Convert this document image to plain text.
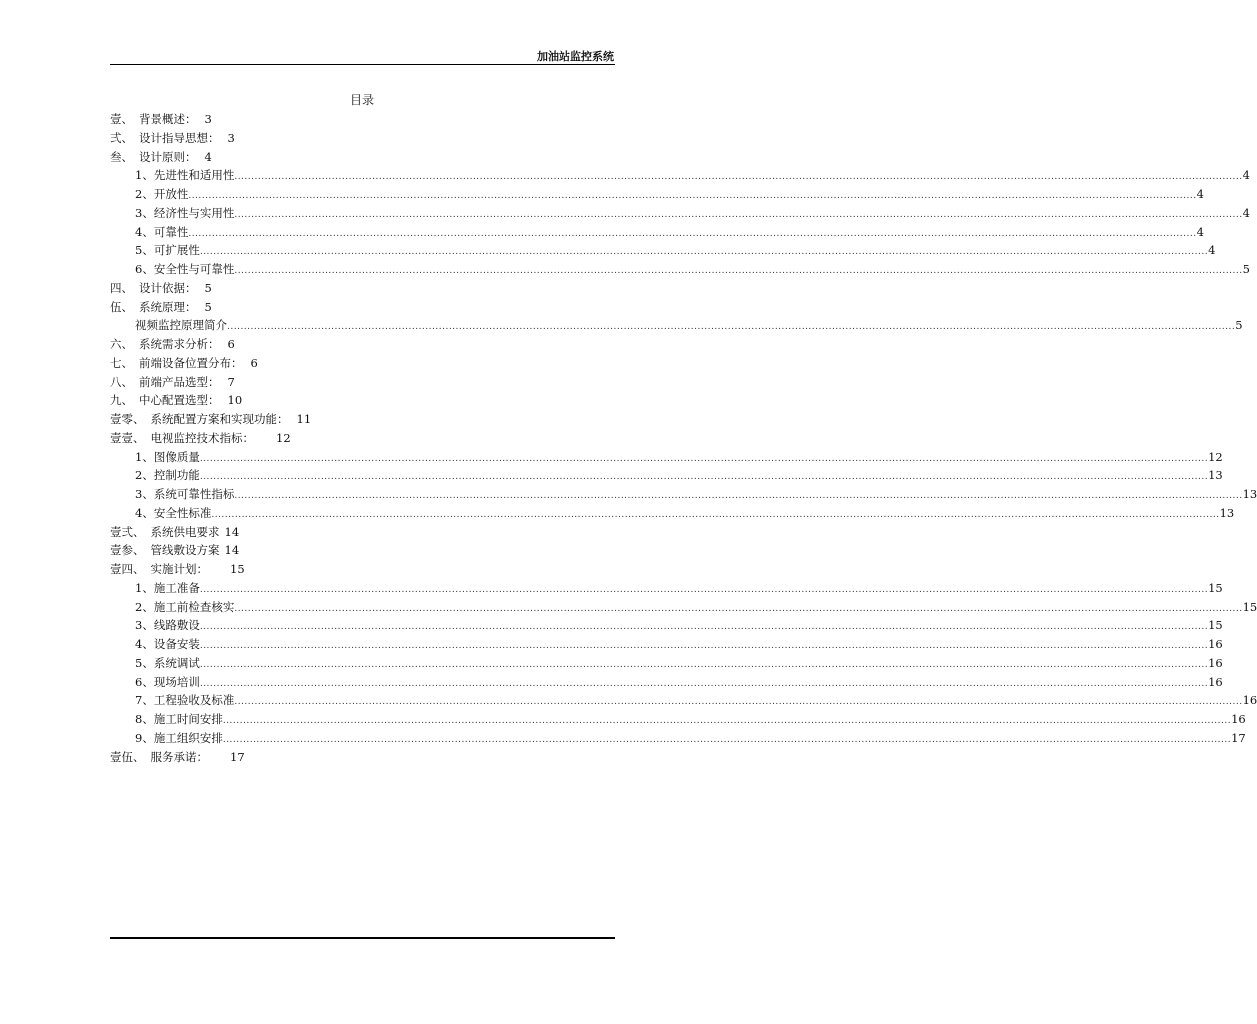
加油站监控系统
目录
壹、 背景概述： 3
弍、 设计指导思想： 3
叁、 设计原则： 4
1、 先进性和适用性 ............................................................................................................................................................................................................................................................................................................ 4
2、 开放性 ............................................................................................................................................................................................................................................................................................................ 4
3、 经济性与实用性 ............................................................................................................................................................................................................................................................................................................ 4
4、 可靠性 ............................................................................................................................................................................................................................................................................................................ 4
5、 可扩展性 ............................................................................................................................................................................................................................................................................................................ 4
6、 安全性与可靠性 ............................................................................................................................................................................................................................................................................................................ 5
四、 设计依据： 5
伍、 系统原理： 5
视频监控原理简介 ............................................................................................................................................................................................................................................................................................................ 5
六、 系统需求分析： 6
七、 前端设备位置分布： 6
八、 前端产品选型： 7
九、 中心配置选型： 10
壹零、 系统配置方案和实现功能： 11
壹壹、 电视监控技术指标： 12
1、 图像质量 ............................................................................................................................................................................................................................................................................................................ 12
2、 控制功能 ............................................................................................................................................................................................................................................................................................................ 13
3、 系统可靠性指标 ............................................................................................................................................................................................................................................................................................................ 13
4、 安全性标准 ............................................................................................................................................................................................................................................................................................................ 13
壹弍、 系统供电要求 14
壹参、 管线敷设方案 14
壹四、 实施计划： 15
1、 施工准备 ............................................................................................................................................................................................................................................................................................................ 15
2、 施工前检查核实 ............................................................................................................................................................................................................................................................................................................ 15
3、 线路敷设 ............................................................................................................................................................................................................................................................................................................ 15
4、 设备安装 ............................................................................................................................................................................................................................................................................................................ 16
5、 系统调试 ............................................................................................................................................................................................................................................................................................................ 16
6、 现场培训 ............................................................................................................................................................................................................................................................................................................ 16
7、 工程验收及标准 ............................................................................................................................................................................................................................................................................................................ 16
8、 施工时间安排 ............................................................................................................................................................................................................................................................................................................ 16
9、 施工组织安排 ............................................................................................................................................................................................................................................................................................................ 17
壹伍、 服务承诺： 17
